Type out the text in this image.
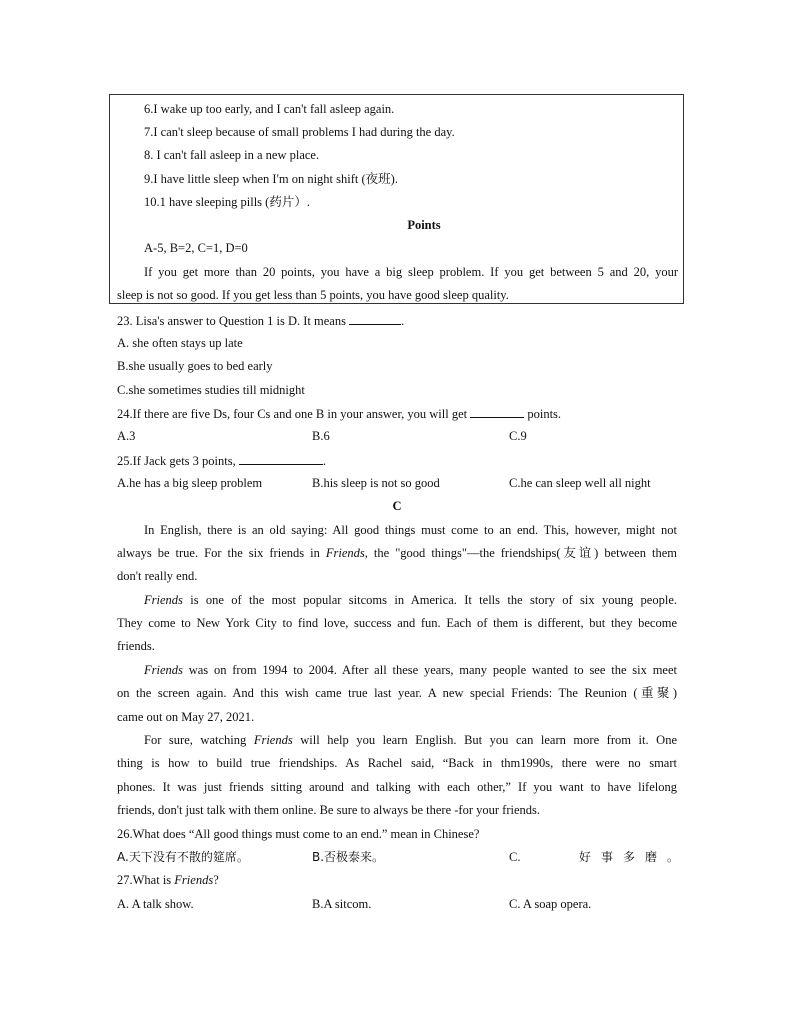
6.I wake up too early, and I can't fall asleep again.
7.I can't sleep because of small problems I had during the day.
8. I can't fall asleep in a new place.
9.I have little sleep when I'm on night shift (夜班).
10.1 have sleeping pills (药片）.
Points
A-5, B=2, C=1, D=0
If you get more than 20 points, you have a big sleep problem. If you get between 5 and 20, your
sleep is not so good. If you get less than 5 points, you have good sleep quality.
23. Lisa's answer to Question 1 is D. It means	.
A. she often stays up late
B.she usually goes to bed early
C.she sometimes studies till midnight
24.If there are five Ds, four Cs and one B in your answer, you will get	points.
A.3	B.6	C.9
25.If Jack gets 3 points,	.
A.he has a big sleep problem	B.his sleep is not so good	C.he can sleep well all night
C
In English, there is an old saying: All good things must come to an end. This, however, might not
always be true. For the six friends in Friends, the "good things"—the friendships(友谊) between them
don't really end.
Friends is one of the most popular sitcoms in America. It tells the story of six young people.
They come to New York City to find love, success and fun. Each of them is different, but they become
friends.
Friends was on from 1994 to 2004. After all these years, many people wanted to see the six meet
on the screen again. And this wish came true last year. A new special Friends: The Reunion (重聚)
came out on May 27, 2021.
For sure, watching Friends will help you learn English. But you can learn more from it. One
thing is how to build true friendships. As Rachel said, “Back in thm1990s, there were no smart
phones. It was just friends sitting around and talking with each other,” If you want to have lifelong
friends, don't just talk with them online. Be sure to always be there -for your friends.
26.What does “All good things must come to an end.” mean in Chinese?
A.天下没有不散的筵席。	B.否极泰来。	C.	好事多磨。
27.What is Friends?
A. A talk show.	B.A sitcom.	C. A soap opera.
